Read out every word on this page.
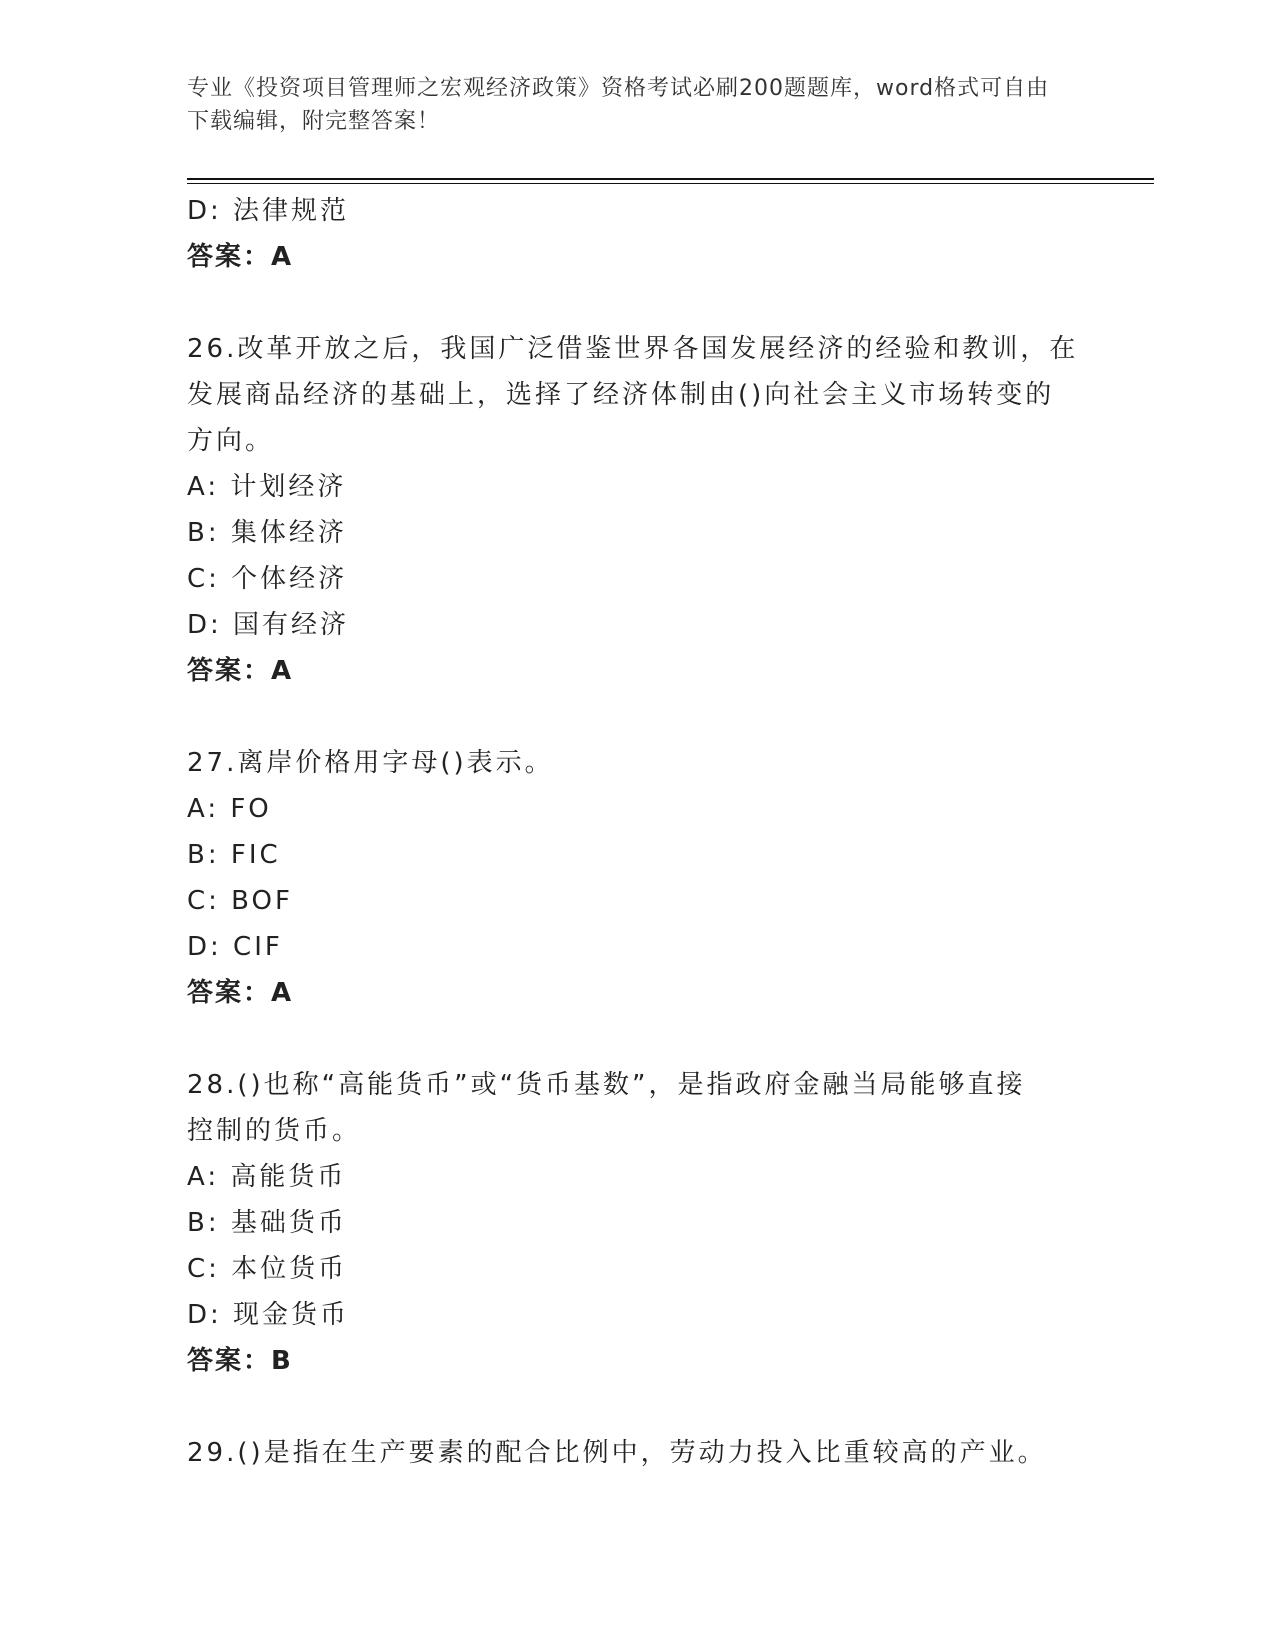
专业《投资项目管理师之宏观经济政策》资格考试必刷200题题库，word格式可自由下载编辑，附完整答案！

D: 法律规范

答案：A

26.改革开放之后，我国广泛借鉴世界各国发展经济的经验和教训，在

发展商品经济的基础上，选择了经济体制由()向社会主义市场转变的

方向。

A: 计划经济

B: 集体经济

C: 个体经济

D: 国有经济

答案：A

27.离岸价格用字母()表示。

A: FO

B: FIC

C: BOF

D: CIF

答案：A

28.()也称“高能货币”或“货币基数”，是指政府金融当局能够直接

控制的货币。

A: 高能货币

B: 基础货币

C: 本位货币

D: 现金货币

答案：B

29.()是指在生产要素的配合比例中，劳动力投入比重较高的产业。
